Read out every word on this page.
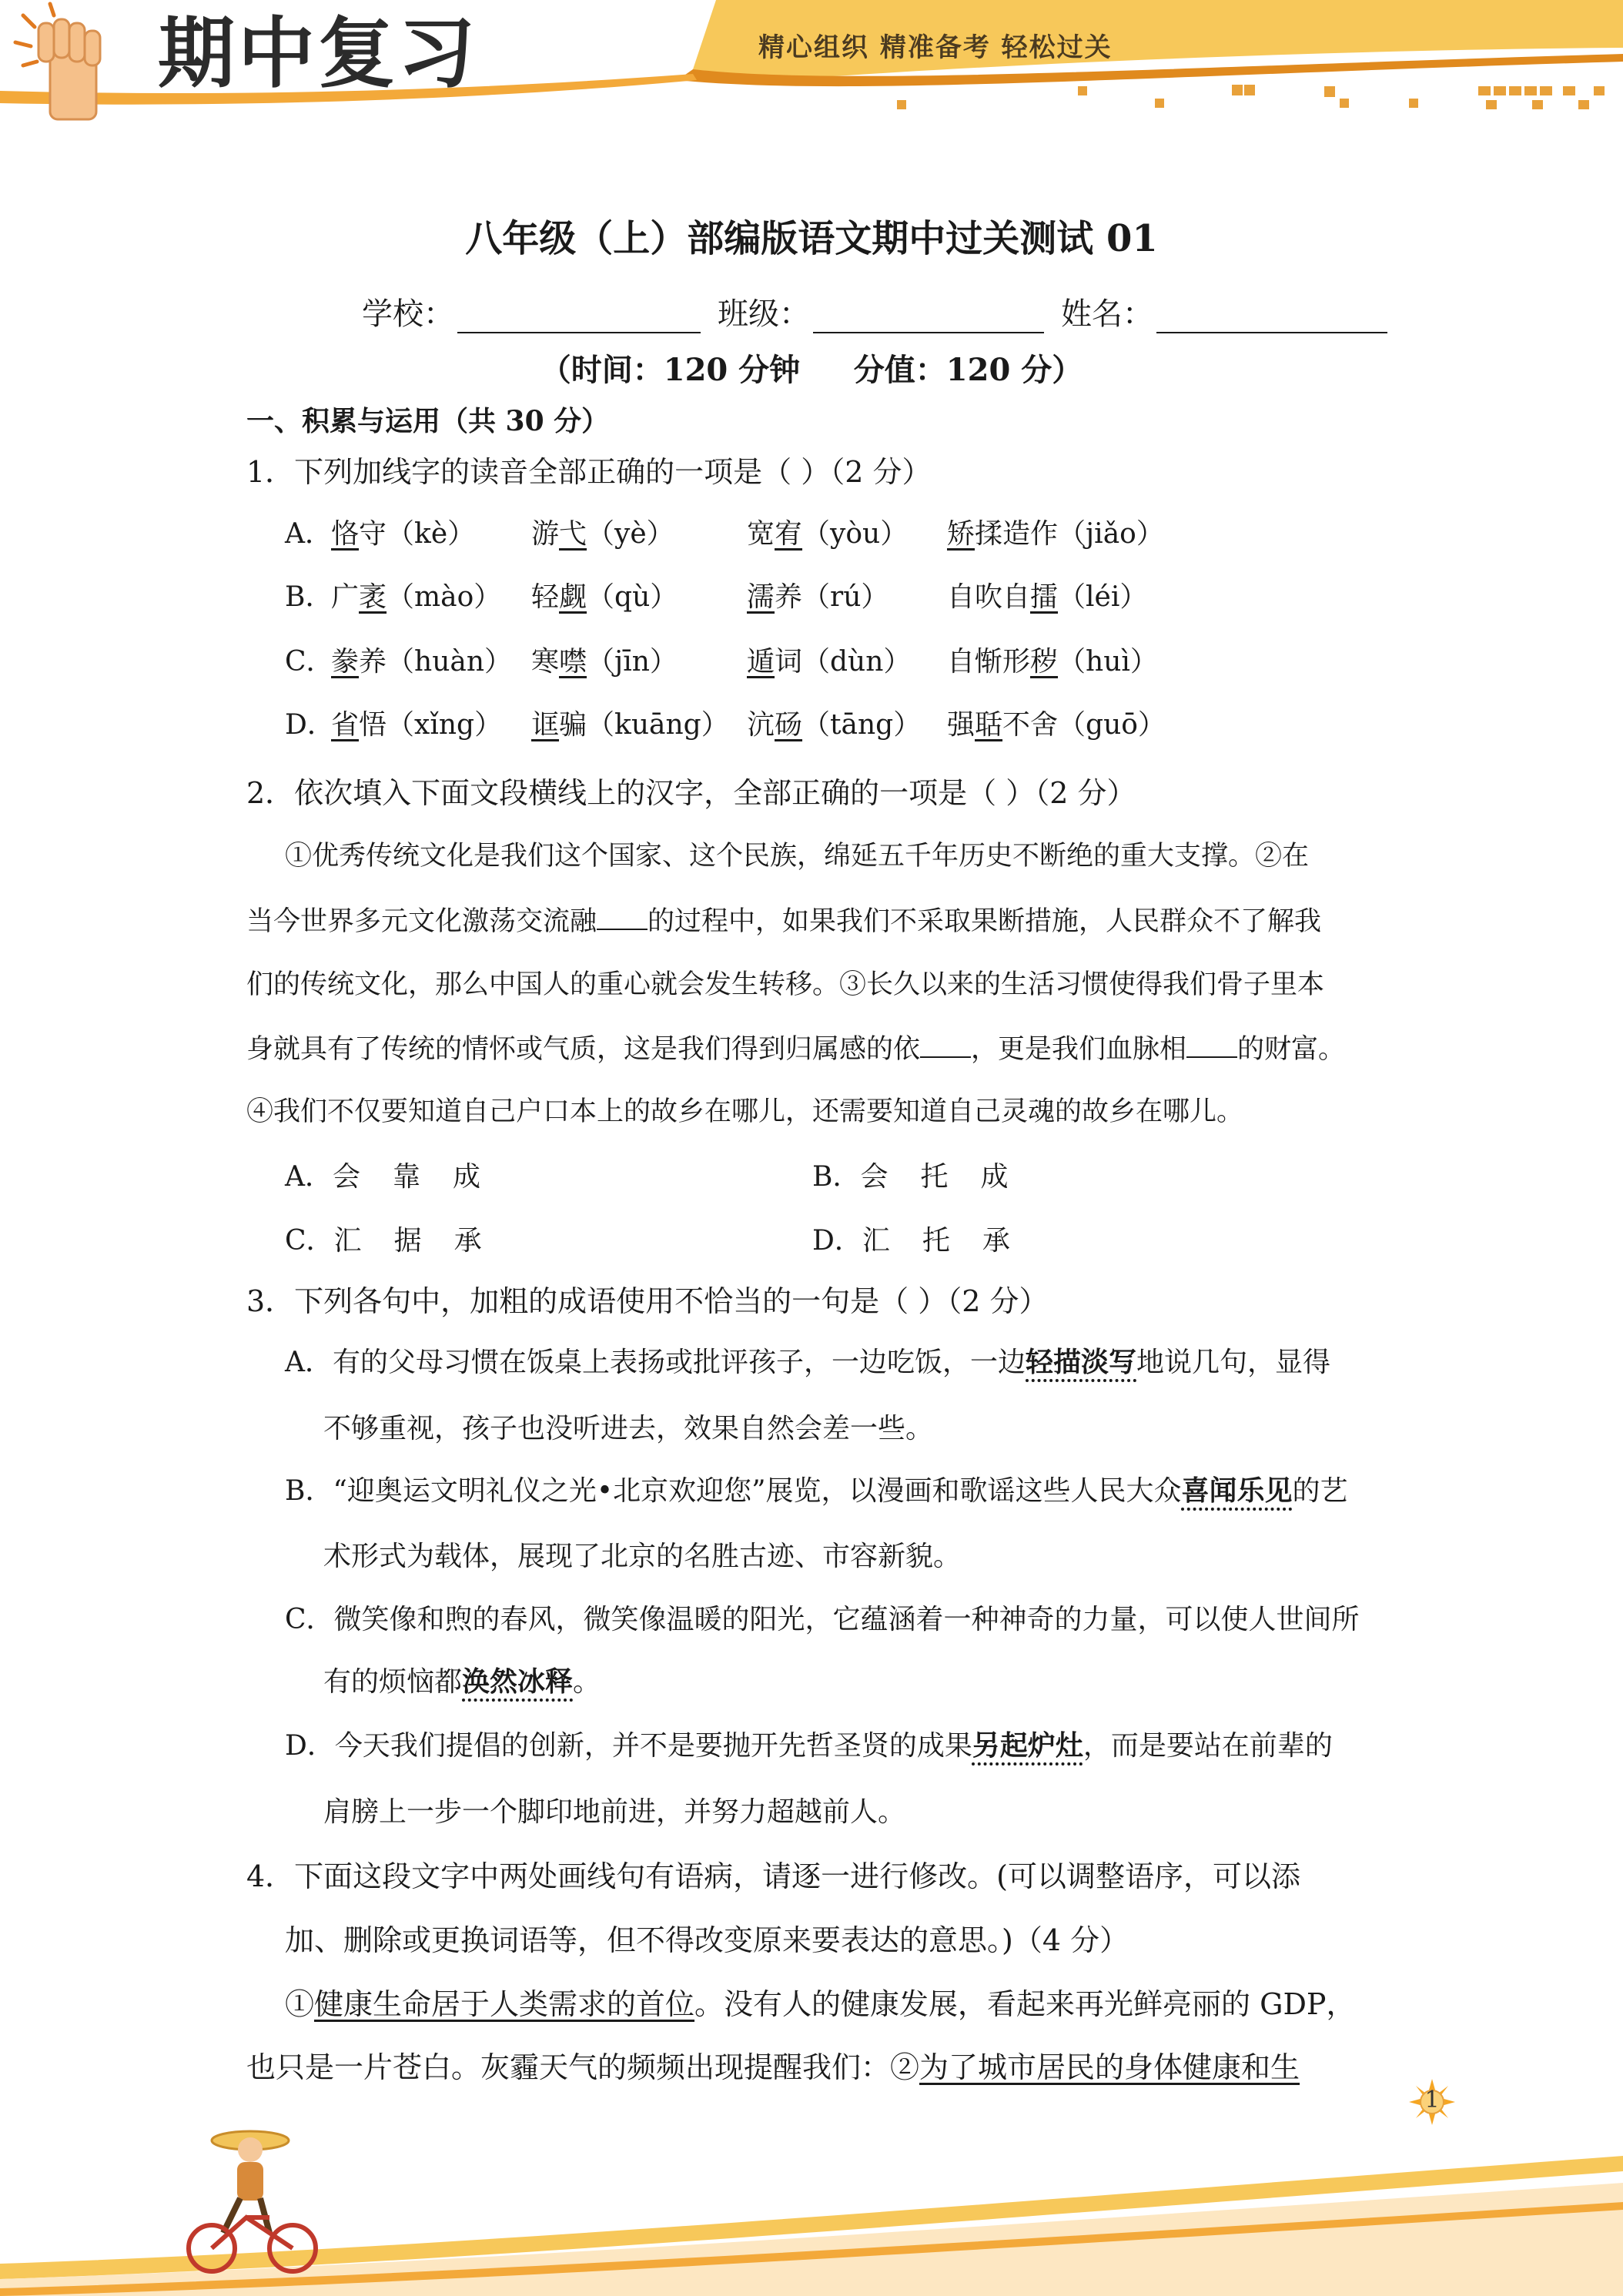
期中复习	精心组织 精准备考 轻松过关
八年级（上）部编版语文期中过关测试 01
学校：	班级：	姓名：
（时间：120 分钟     分值：120 分）
一、积累与运用（共 30 分）
1．下列加线字的读音全部正确的一项是（ ）（2 分）
A．
恪守（kè） 游弋（yè）	宽宥（yòu） 矫揉造作（jiǎo）
B．
广袤（mào） 轻觑（qù） 濡养（rú） 自吹自擂（léi）
C．
豢养（huàn） 寒噤（jīn）	遁词（dùn） 自惭形秽（huì）
D．
省悟（xǐng） 诓骗（kuāng） 沆砀（tāng） 强聒不舍（guō）
2．依次填入下面文段横线上的汉字，全部正确的一项是（ ）（2 分）
①优秀传统文化是我们这个国家、这个民族，绵延五千年历史不断绝的重大支撑。②在
当今世界多元文化激荡交流融 的过程中，如果我们不采取果断措施，人民群众不了解我
们的传统文化，那么中国人的重心就会发生转移。③长久以来的生活习惯使得我们骨子里本
身就具有了传统的情怀或气质，这是我们得到归属感的依 ，更是我们血脉相 的财富。
④我们不仅要知道自己户口本上的故乡在哪儿，还需要知道自己灵魂的故乡在哪儿。
A．会 靠 成	B．会 托 成
C．汇 据 承	D．汇 托 承
3．下列各句中，加粗的成语使用不恰当的一句是（ ）（2 分）
A．有的父母习惯在饭桌上表扬或批评孩子，一边吃饭，一边轻描淡写地说几句，显得
不够重视，孩子也没听进去，效果自然会差一些。
B．“迎奥运文明礼仪之光•北京欢迎您”展览，以漫画和歌谣这些人民大众喜闻乐见的艺
术形式为载体，展现了北京的名胜古迹、市容新貌。
C．微笑像和煦的春风，微笑像温暖的阳光，它蕴涵着一种神奇的力量，可以使人世间所
有的烦恼都涣然冰释。
D．今天我们提倡的创新，并不是要抛开先哲圣贤的成果另起炉灶，而是要站在前辈的
肩膀上一步一个脚印地前进，并努力超越前人。
4．下面这段文字中两处画线句有语病，请逐一进行修改。(可以调整语序，可以添
加、删除或更换词语等，但不得改变原来要表达的意思。)（4 分）
①健康生命居于人类需求的首位。没有人的健康发展，看起来再光鲜亮丽的 GDP，
也只是一片苍白。灰霾天气的频频出现提醒我们：②为了城市居民的身体健康和生
1
